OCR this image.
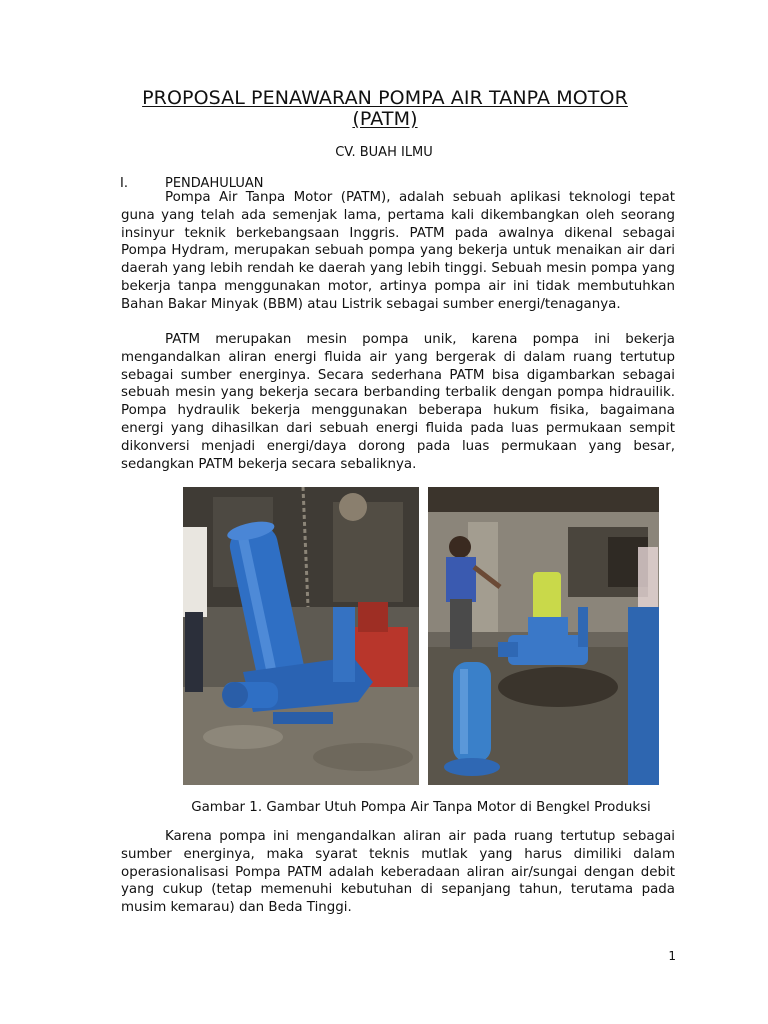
PROPOSAL PENAWARAN POMPA AIR TANPA MOTOR (PATM)
CV. BUAH ILMU
I.	PENDAHULUAN

Pompa Air Tanpa Motor (PATM), adalah sebuah aplikasi teknologi tepat guna yang telah ada semenjak lama, pertama kali dikembangkan oleh seorang insinyur teknik berkebangsaan Inggris. PATM pada awalnya dikenal sebagai Pompa Hydram, merupakan sebuah pompa yang bekerja untuk menaikan air dari daerah yang lebih rendah ke daerah yang lebih tinggi. Sebuah mesin pompa yang bekerja tanpa menggunakan motor, artinya pompa air ini tidak membutuhkan Bahan Bakar Minyak (BBM) atau Listrik sebagai sumber energi/tenaganya.

PATM merupakan mesin pompa unik, karena pompa ini bekerja mengandalkan aliran energi fluida air yang bergerak di dalam ruang tertutup sebagai sumber energinya. Secara sederhana PATM bisa digambarkan sebagai sebuah mesin yang bekerja secara berbanding terbalik dengan pompa hidrauilik. Pompa hydraulik bekerja menggunakan beberapa hukum fisika, bagaimana energi yang dihasilkan dari sebuah energi fluida pada luas permukaan sempit dikonversi menjadi energi/daya dorong pada luas permukaan yang besar, sedangkan PATM bekerja secara sebaliknya.

Gambar 1. Gambar Utuh Pompa Air Tanpa Motor di Bengkel Produksi

Karena pompa ini mengandalkan aliran air pada ruang tertutup sebagai sumber energinya, maka syarat teknis mutlak yang harus dimiliki dalam operasionalisasi Pompa PATM adalah keberadaan aliran air/sungai dengan debit yang cukup (tetap memenuhi kebutuhan di sepanjang tahun, terutama pada musim kemarau) dan Beda Tinggi.

1
